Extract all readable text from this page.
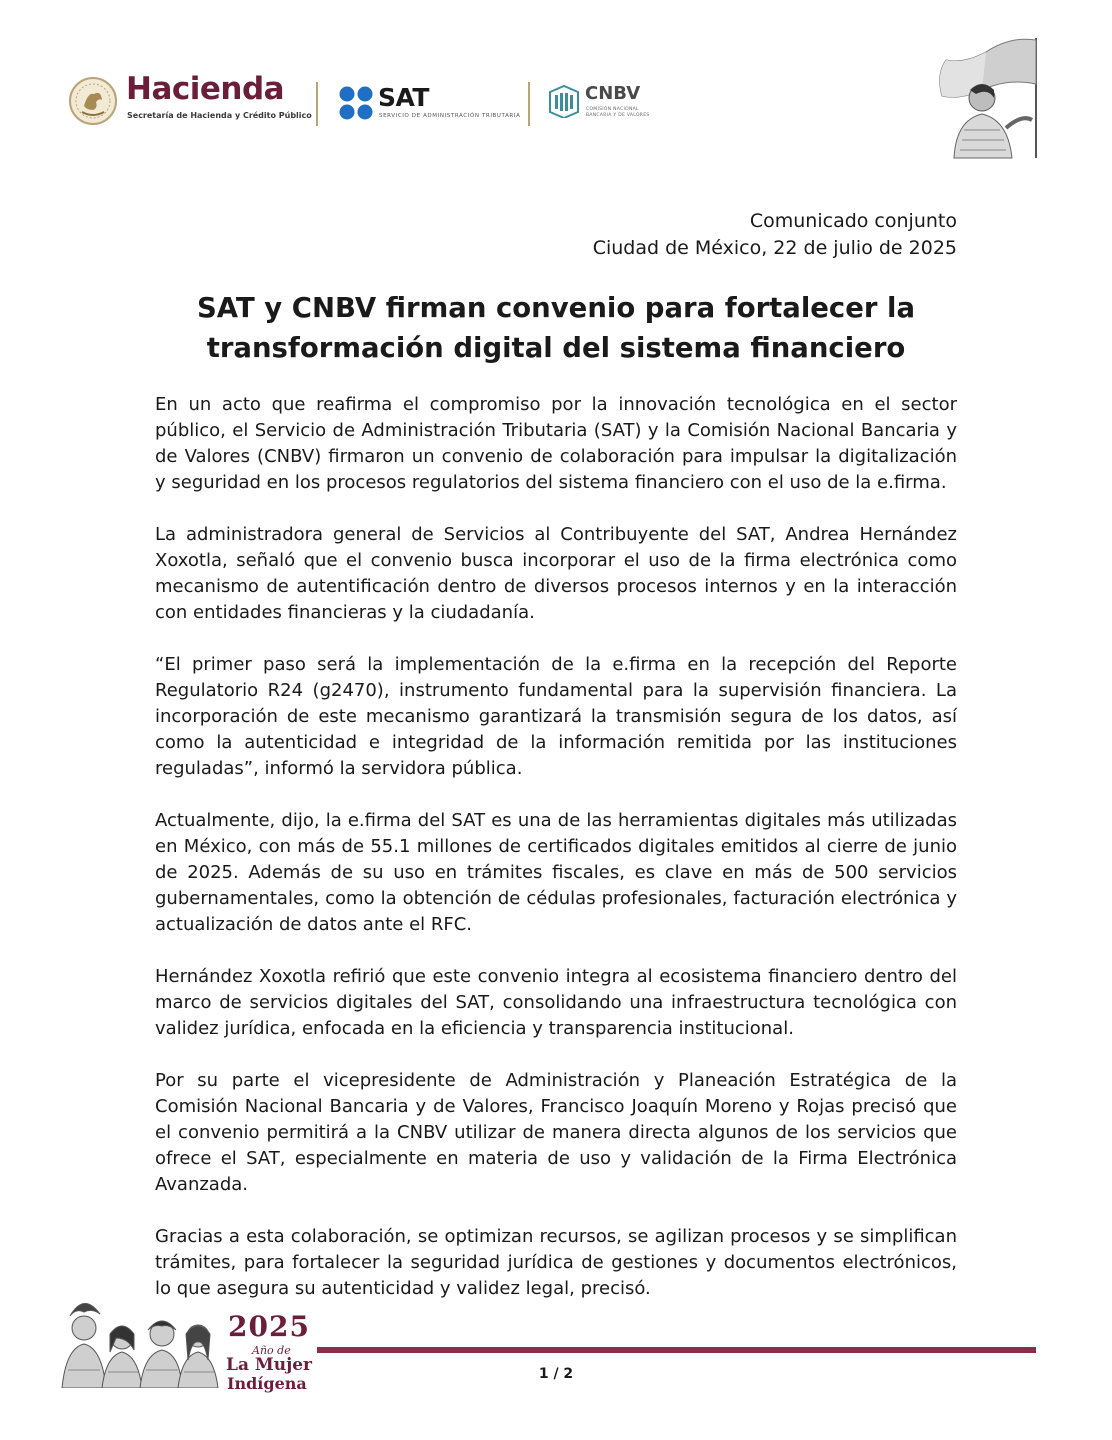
Hacienda
Secretaría de Hacienda y Crédito Público
SAT
SERVICIO DE ADMINISTRACIÓN TRIBUTARIA
CNBV
COMISIÓN NACIONAL BANCARIA Y DE VALORES
Comunicado conjunto
Ciudad de México, 22 de julio de 2025
SAT y CNBV firman convenio para fortalecer la transformación digital del sistema financiero

En un acto que reafirma el compromiso por la innovación tecnológica en el sector público, el Servicio de Administración Tributaria (SAT) y la Comisión Nacional Bancaria y de Valores (CNBV) firmaron un convenio de colaboración para impulsar la digitalización y seguridad en los procesos regulatorios del sistema financiero con el uso de la e.firma.

La administradora general de Servicios al Contribuyente del SAT, Andrea Hernández Xoxotla, señaló que el convenio busca incorporar el uso de la firma electrónica como mecanismo de autentificación dentro de diversos procesos internos y en la interacción con entidades financieras y la ciudadanía.

“El primer paso será la implementación de la e.firma en la recepción del Reporte Regulatorio R24 (g2470), instrumento fundamental para la supervisión financiera. La incorporación de este mecanismo garantizará la transmisión segura de los datos, así como la autenticidad e integridad de la información remitida por las instituciones reguladas”, informó la servidora pública.

Actualmente, dijo, la e.firma del SAT es una de las herramientas digitales más utilizadas en México, con más de 55.1 millones de certificados digitales emitidos al cierre de junio de 2025. Además de su uso en trámites fiscales, es clave en más de 500 servicios gubernamentales, como la obtención de cédulas profesionales, facturación electrónica y actualización de datos ante el RFC.

Hernández Xoxotla refirió que este convenio integra al ecosistema financiero dentro del marco de servicios digitales del SAT, consolidando una infraestructura tecnológica con validez jurídica, enfocada en la eficiencia y transparencia institucional.

Por su parte el vicepresidente de Administración y Planeación Estratégica de la Comisión Nacional Bancaria y de Valores, Francisco Joaquín Moreno y Rojas precisó que el convenio permitirá a la CNBV utilizar de manera directa algunos de los servicios que ofrece el SAT, especialmente en materia de uso y validación de la Firma Electrónica Avanzada.

Gracias a esta colaboración, se optimizan recursos, se agilizan procesos y se simplifican trámites, para fortalecer la seguridad jurídica de gestiones y documentos electrónicos, lo que asegura su autenticidad y validez legal, precisó.

2025
Año de
La Mujer
Indígena	1 / 2
